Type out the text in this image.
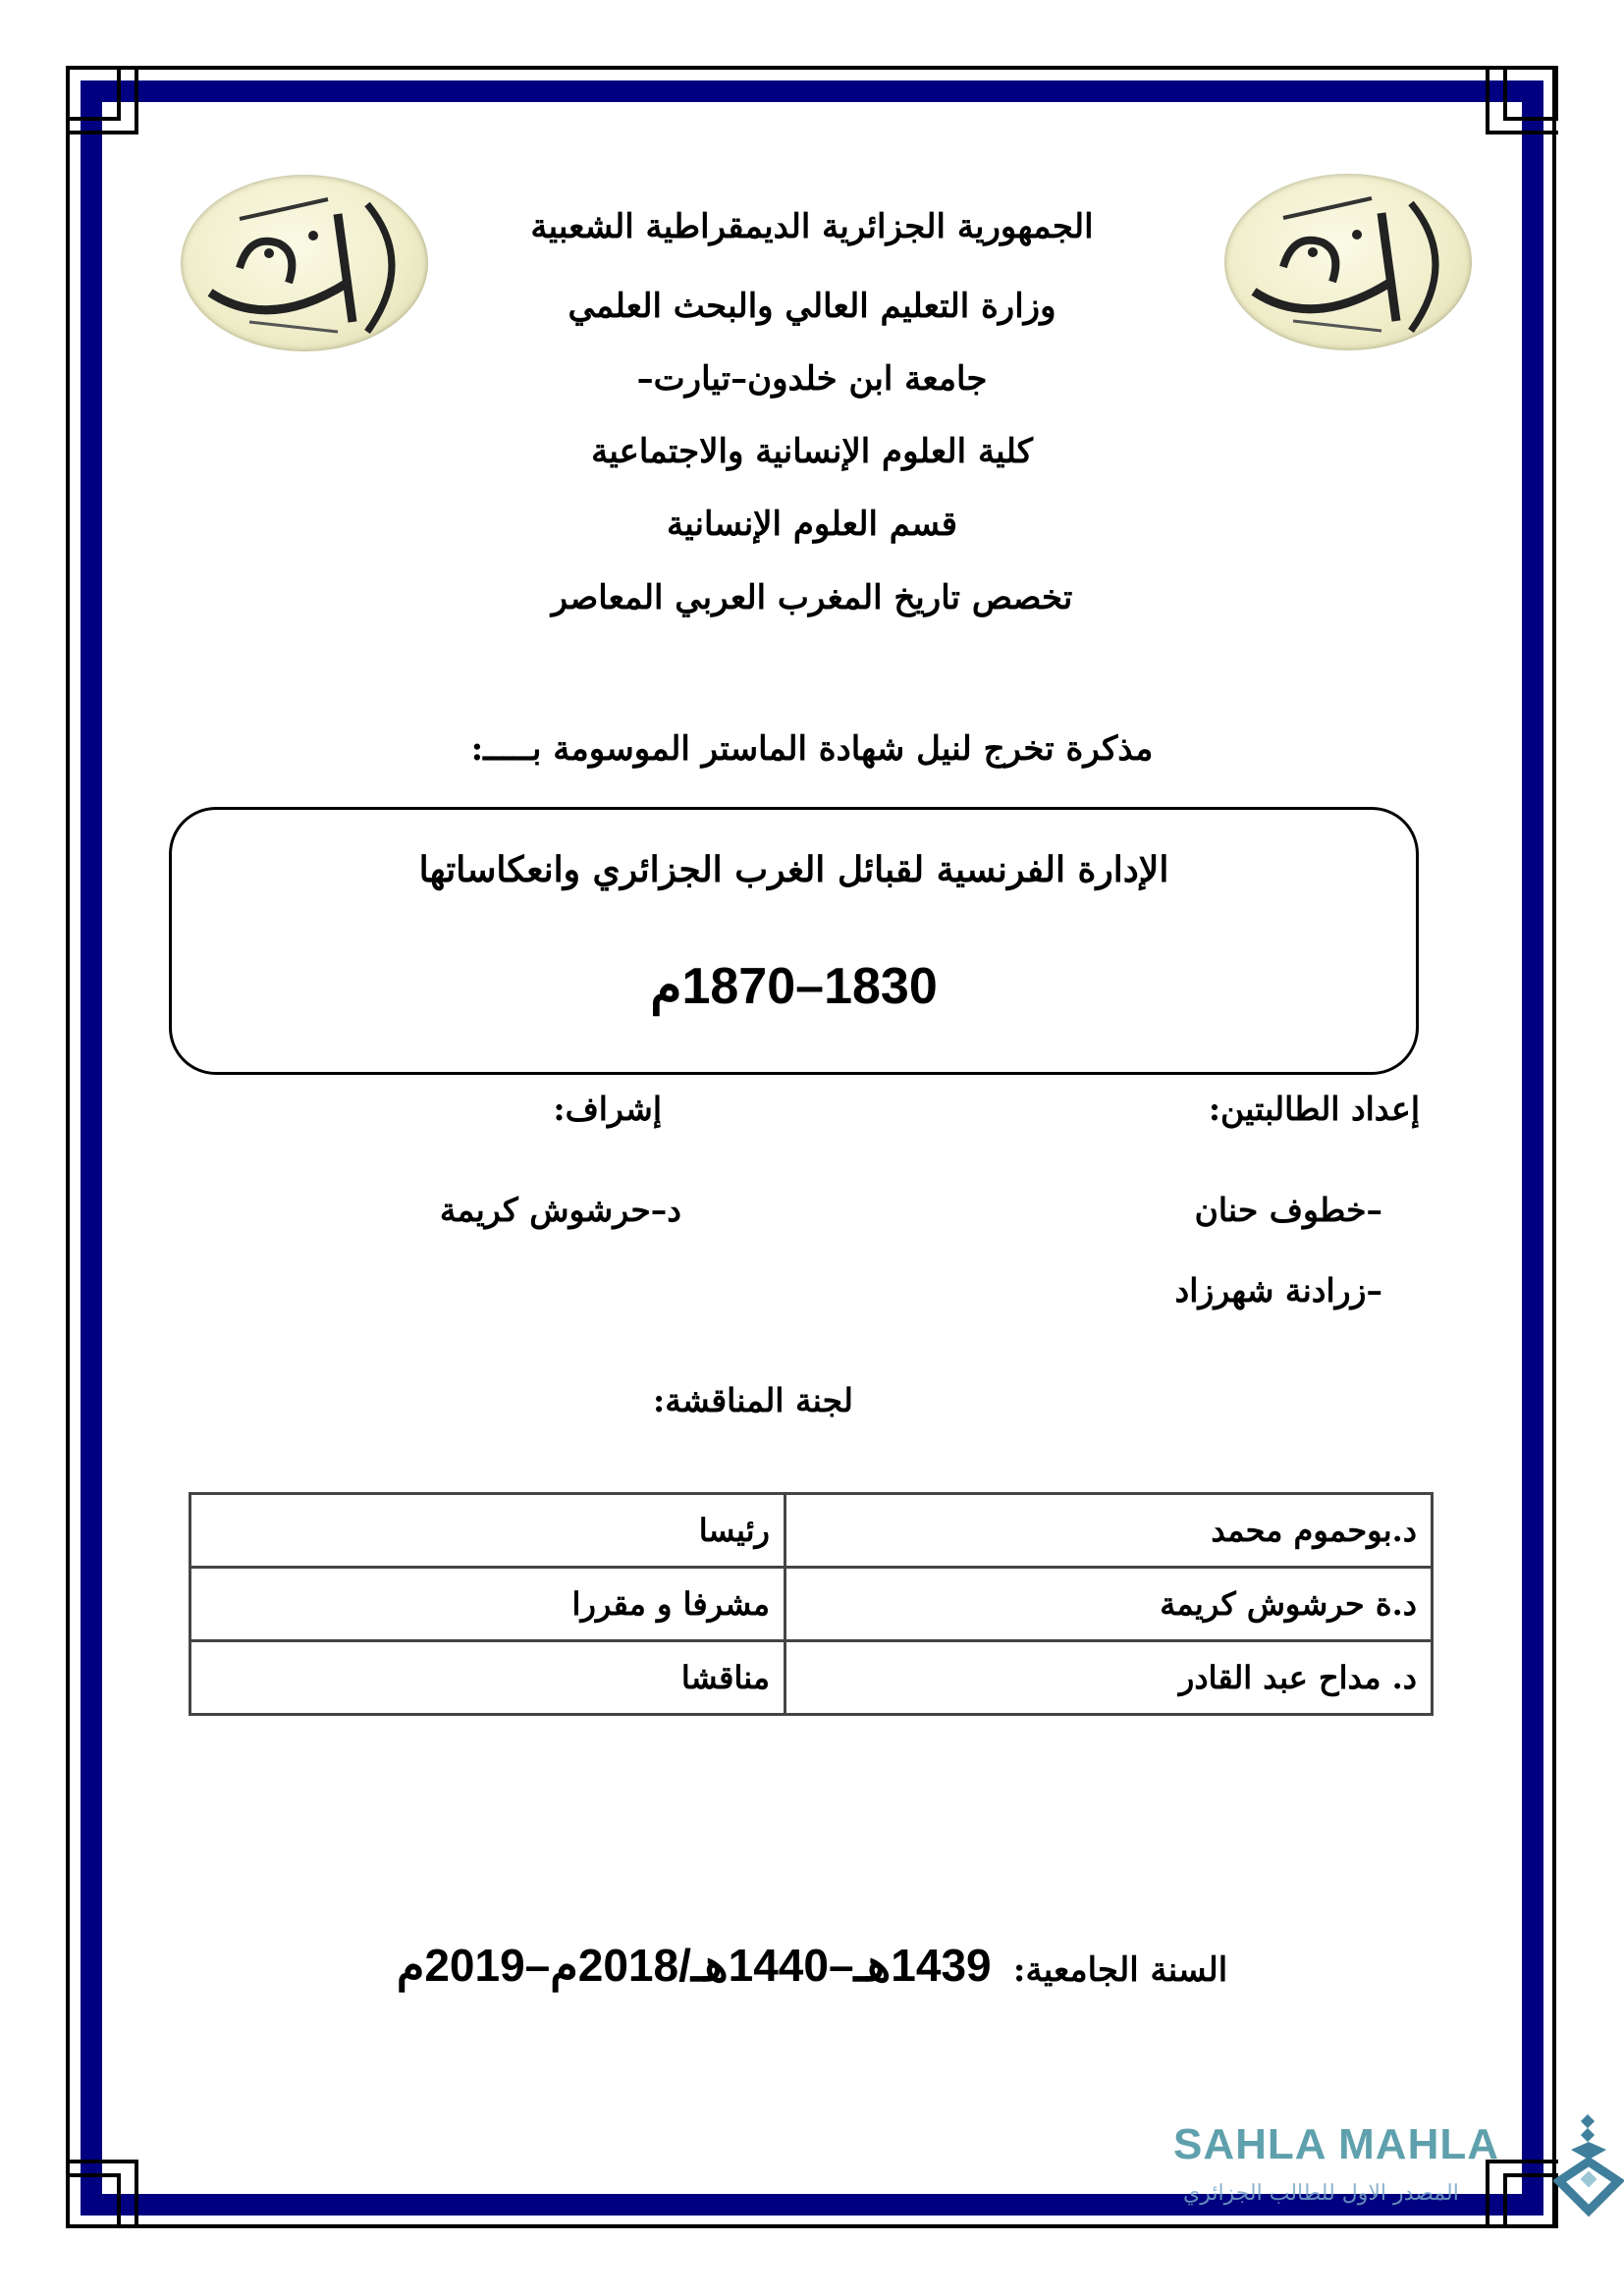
الجمهورية الجزائرية الديمقراطية الشعبية
وزارة التعليم العالي والبحث العلمي
جامعة ابن خلدون–تيارت–
كلية العلوم الإنسانية والاجتماعية
قسم العلوم الإنسانية
تخصص تاريخ المغرب العربي المعاصر
مذكرة تخرج لنيل شهادة الماستر الموسومة بـــــ:
الإدارة الفرنسية لقبائل الغرب الجزائري وانعكاساتها
1830–1870م
إعداد الطالبتين:
إشراف:
–خطوف حنان
–زرادنة شهرزاد
د–حرشوش كريمة
لجنة المناقشة:
د.بوحموم محمد	رئيسا
د.ة حرشوش كريمة	مشرفا و مقررا
د. مداح عبد القادر	مناقشا
السنة الجامعية:    1439هـ–1440هـ/2018م–2019م
SAHLA MAHLA
المصدر الاول للطالب الجزائري
